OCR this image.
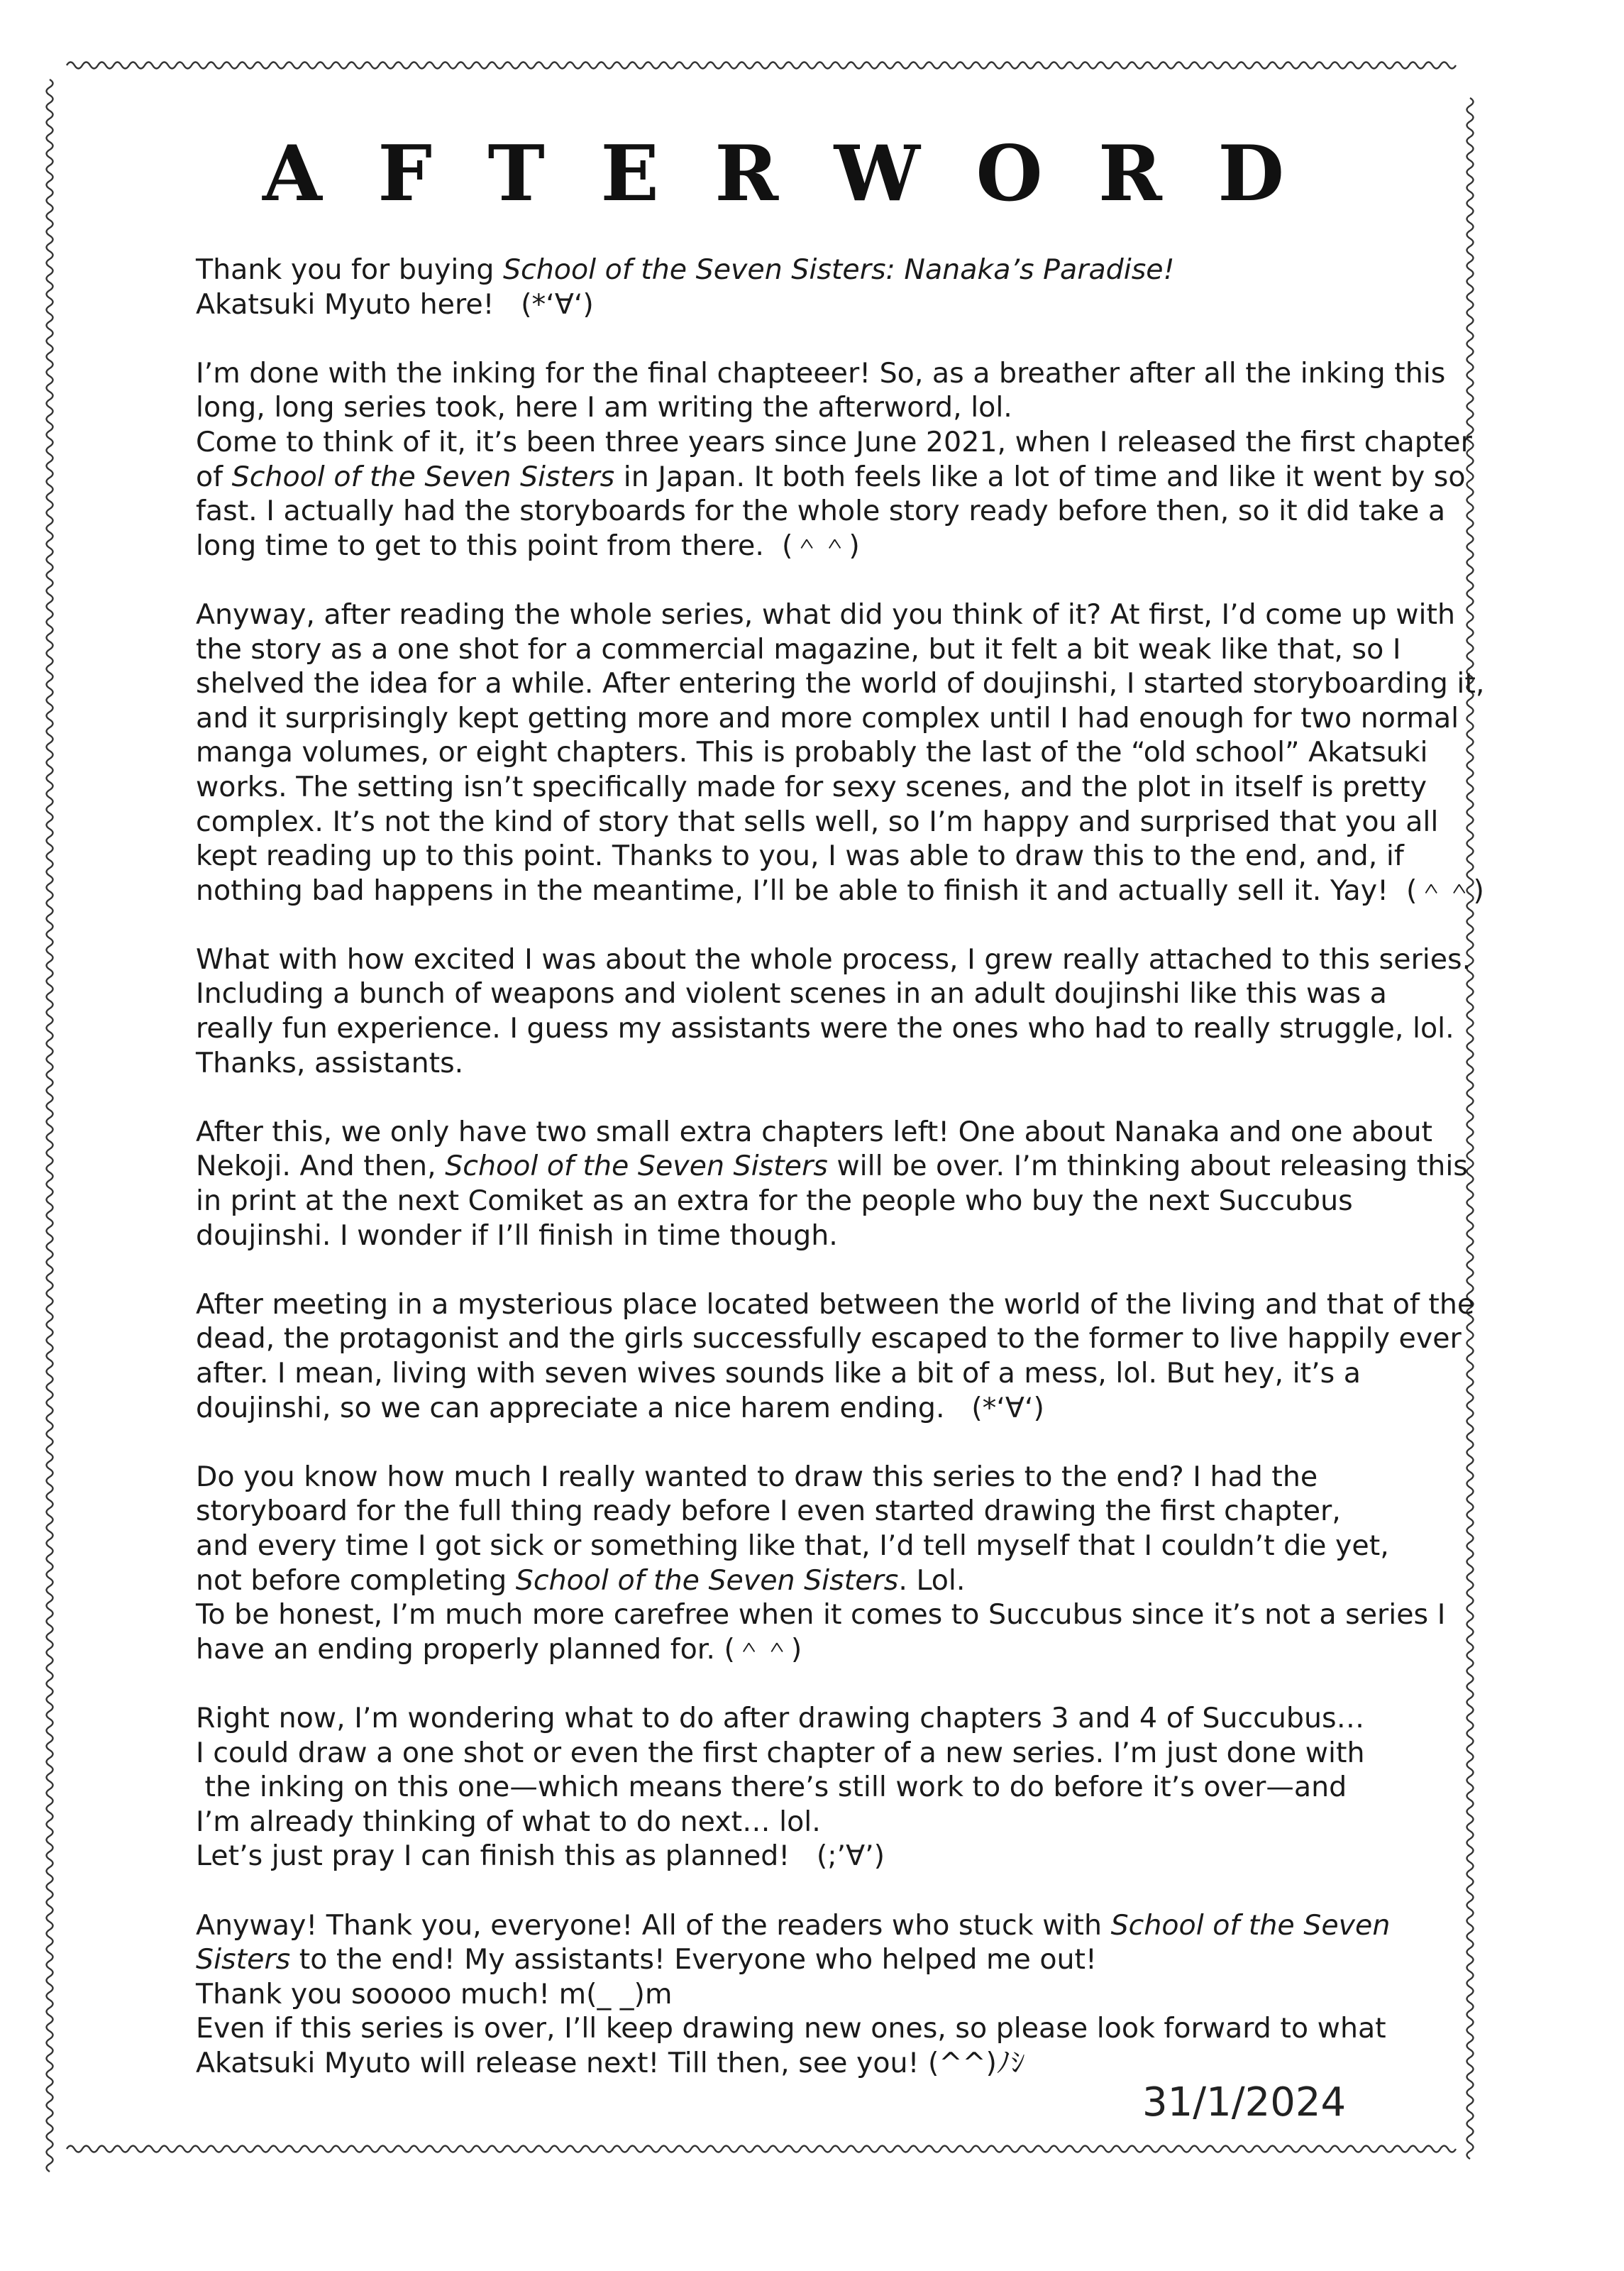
A F T E R W O R D
Thank you for buying School of the Seven Sisters: Nanaka’s Paradise!
Akatsuki Myuto here!   (*‘∀‘)
I’m done with the inking for the final chapteeer! So, as a breather after all the inking this
long, long series took, here I am writing the afterword, lol.
Come to think of it, it’s been three years since June 2021, when I released the first chapter
of School of the Seven Sisters in Japan. It both feels like a lot of time and like it went by so
fast. I actually had the storyboards for the whole story ready before then, so it did take a
long time to get to this point from there.  (＾＾)
Anyway, after reading the whole series, what did you think of it? At first, I’d come up with
the story as a one shot for a commercial magazine, but it felt a bit weak like that, so I
shelved the idea for a while. After entering the world of doujinshi, I started storyboarding it,
and it surprisingly kept getting more and more complex until I had enough for two normal
manga volumes, or eight chapters. This is probably the last of the “old school” Akatsuki
works. The setting isn’t specifically made for sexy scenes, and the plot in itself is pretty
complex. It’s not the kind of story that sells well, so I’m happy and surprised that you all
kept reading up to this point. Thanks to you, I was able to draw this to the end, and, if
nothing bad happens in the meantime, I’ll be able to finish it and actually sell it. Yay!  (＾＾)
What with how excited I was about the whole process, I grew really attached to this series.
Including a bunch of weapons and violent scenes in an adult doujinshi like this was a
really fun experience. I guess my assistants were the ones who had to really struggle, lol.
Thanks, assistants.
After this, we only have two small extra chapters left! One about Nanaka and one about
Nekoji. And then, School of the Seven Sisters will be over. I’m thinking about releasing this
in print at the next Comiket as an extra for the people who buy the next Succubus
doujinshi. I wonder if I’ll finish in time though.
After meeting in a mysterious place located between the world of the living and that of the
dead, the protagonist and the girls successfully escaped to the former to live happily ever
after. I mean, living with seven wives sounds like a bit of a mess, lol. But hey, it’s a
doujinshi, so we can appreciate a nice harem ending.   (*‘∀‘)
Do you know how much I really wanted to draw this series to the end? I had the
storyboard for the full thing ready before I even started drawing the first chapter,
and every time I got sick or something like that, I’d tell myself that I couldn’t die yet,
not before completing School of the Seven Sisters. Lol.
To be honest, I’m much more carefree when it comes to Succubus since it’s not a series I
have an ending properly planned for. (＾＾)
Right now, I’m wondering what to do after drawing chapters 3 and 4 of Succubus…
I could draw a one shot or even the first chapter of a new series. I’m just done with
the inking on this one—which means there’s still work to do before it’s over—and
I’m already thinking of what to do next… lol.
Let’s just pray I can finish this as planned!   (;’∀’)
Anyway! Thank you, everyone! All of the readers who stuck with School of the Seven
Sisters to the end! My assistants! Everyone who helped me out!
Thank you sooooo much! m(_ _)m
Even if this series is over, I’ll keep drawing new ones, so please look forward to what
Akatsuki Myuto will release next! Till then, see you! (^^)ﾉｼ
31/1/2024
